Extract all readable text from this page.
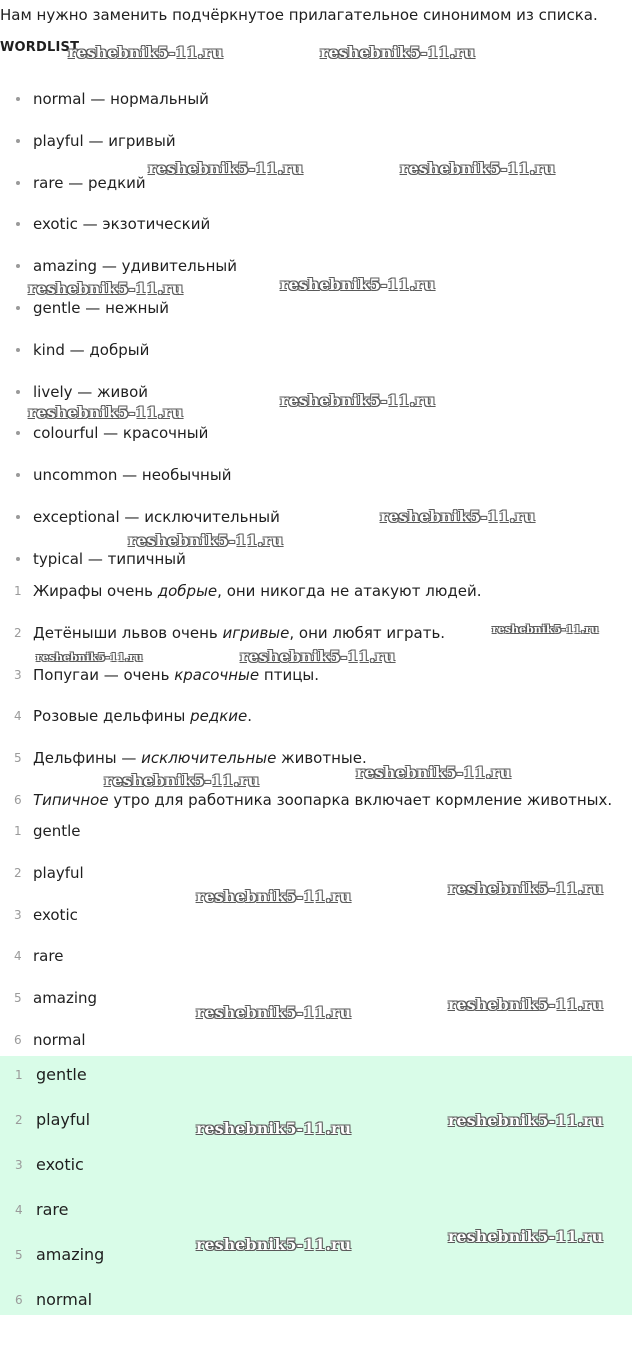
Нам нужно заменить подчёркнутое прилагательное синонимом из списка.
WORDLIST
normal — нормальный
playful — игривый
rare — редкий
exotic — экзотический
amazing — удивительный
gentle — нежный
kind — добрый
lively — живой
colourful — красочный
uncommon — необычный
exceptional — исключительный
typical — типичный
1 Жирафы очень добрые, они никогда не атакуют людей.
2 Детёныши львов очень игривые, они любят играть.
3 Попугаи — очень красочные птицы.
4 Розовые дельфины редкие.
5 Дельфины — исключительные животные.
6 Типичное утро для работника зоопарка включает кормление животных.
1 gentle
2 playful
3 exotic
4 rare
5 amazing
6 normal
1 gentle
2 playful
3 exotic
4 rare
5 amazing
6 normal
reshebnik5-11.ru	reshebnik5-11.ru
reshebnik5-11.ru	reshebnik5-11.ru
reshebnik5-11.ru	reshebnik5-11.ru
reshebnik5-11.ru
reshebnik5-11.ru
reshebnik5-11.ru
reshebnik5-11.ru
reshebnik5-11.ru
reshebnik5-11.ru	reshebnik5-11.ru
reshebnik5-11.ru	reshebnik5-11.ru
reshebnik5-11.ru	reshebnik5-11.ru
reshebnik5-11.ru	reshebnik5-11.ru
reshebnik5-11.ru	reshebnik5-11.ru
reshebnik5-11.ru	reshebnik5-11.ru
